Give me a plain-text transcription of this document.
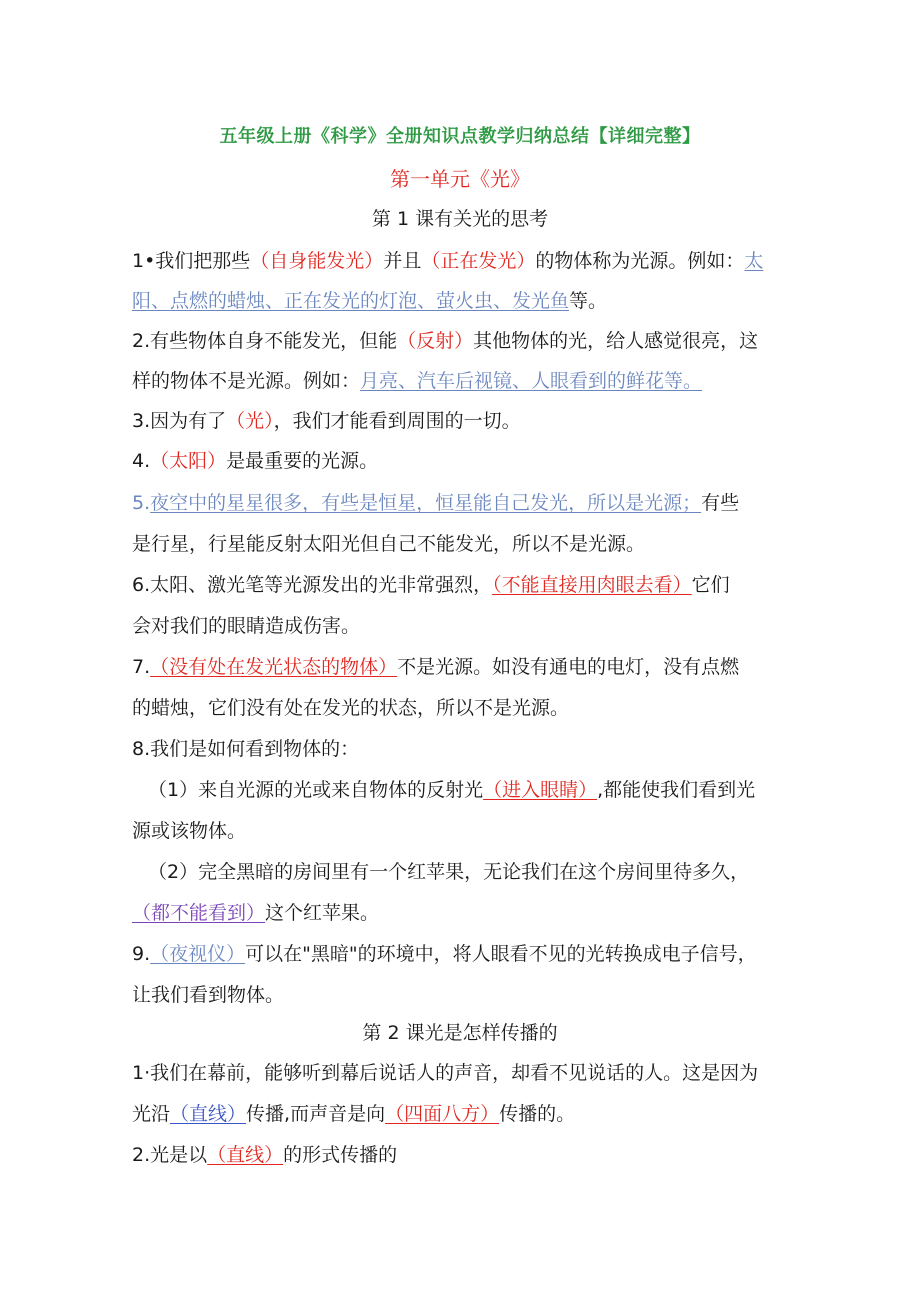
五年级上册《科学》全册知识点教学归纳总结【详细完整】
第一单元《光》
第 1 课有关光的思考
1•我们把那些（自身能发光）并且（正在发光）的物体称为光源。例如：太
阳、点燃的蜡烛、正在发光的灯泡、萤火虫、发光鱼等。
2.有些物体自身不能发光，但能（反射）其他物体的光，给人感觉很亮，这
样的物体不是光源。例如：月亮、汽车后视镜、人眼看到的鲜花等。
3.因为有了（光），我们才能看到周围的一切。
4.（太阳）是最重要的光源。
5.夜空中的星星很多，有些是恒星，恒星能自己发光，所以是光源；有些
是行星，行星能反射太阳光但自己不能发光，所以不是光源。
6.太阳、激光笔等光源发出的光非常强烈，（不能直接用肉眼去看）它们
会对我们的眼睛造成伤害。
7.（没有处在发光状态的物体）不是光源。如没有通电的电灯，没有点燃
的蜡烛，它们没有处在发光的状态，所以不是光源。
8.我们是如何看到物体的：
（1）来自光源的光或来自物体的反射光（进入眼睛）,都能使我们看到光
源或该物体。
（2）完全黑暗的房间里有一个红苹果，无论我们在这个房间里待多久，
（都不能看到）这个红苹果。
9.（夜视仪）可以在"黑暗"的环境中，将人眼看不见的光转换成电子信号，
让我们看到物体。
第 2 课光是怎样传播的
1·我们在幕前，能够听到幕后说话人的声音，却看不见说话的人。这是因为
光沿（直线）传播,而声音是向（四面八方）传播的。
2.光是以（直线）的形式传播的
